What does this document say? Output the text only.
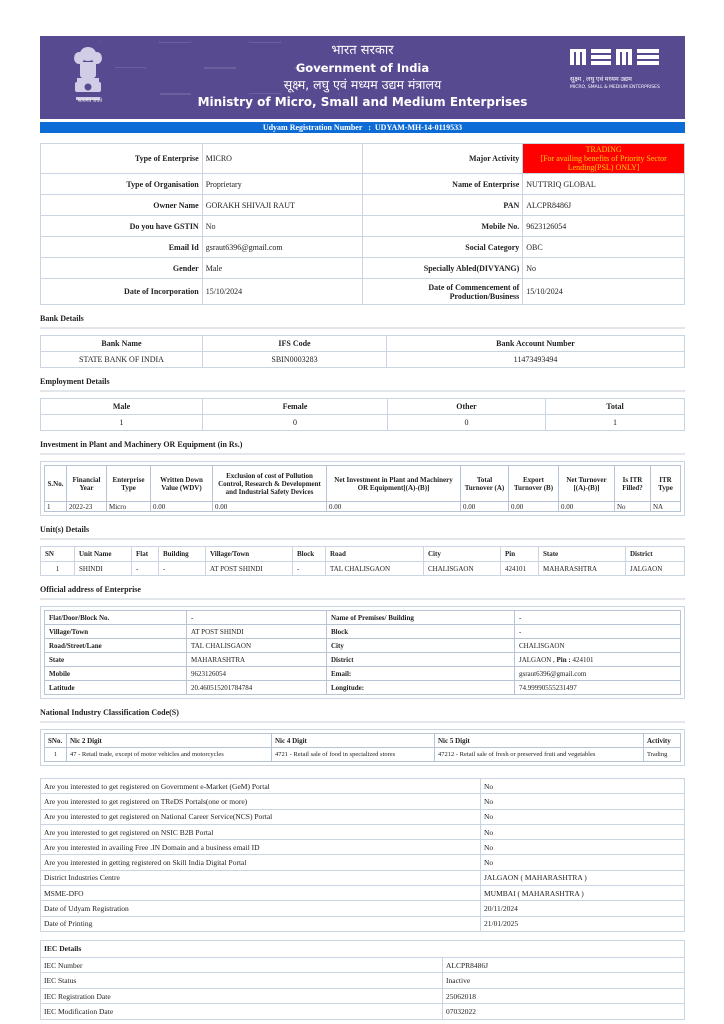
सत्यमेव जयते
भारत सरकार
Government of India
सूक्ष्म, लघु एवं मध्यम उद्यम मंत्रालय
Ministry of Micro, Small and Medium Enterprises
सूक्ष्म , लघु एवं मध्यम उद्यम
MICRO, SMALL & MEDIUM ENTERPRISES
Udyam Registration Number : UDYAM-MH-14-0119533
Type of Enterprise	MICRO	Major Activity	TRADING
[For availing benefits of Priority Sector Lending(PSL) ONLY]

Type of Organisation	Proprietary	Name of Enterprise	NUTTRIQ GLOBAL
Owner Name	GORAKH SHIVAJI RAUT	PAN	ALCPR8486J
Do you have GSTIN	No	Mobile No.	9623126054
Email Id	gsraut6396@gmail.com	Social Category	OBC
Gender	Male	Specially Abled(DIVYANG)	No
Date of Incorporation	15/10/2024	Date of Commencement of Production/Business	15/10/2024
Bank Details
Bank Name	IFS Code	Bank Account Number
STATE BANK OF INDIA	SBIN0003283	11473493494
Employment Details
Male	Female	Other	Total
1	0	0	1
Investment in Plant and Machinery OR Equipment (in Rs.)
S.No.	Financial Year	Enterprise Type	Written Down Value (WDV)	Exclusion of cost of Pollution Control, Research & Development and Industrial Safety Devices	Net Investment in Plant and Machinery OR Equipment[(A)-(B)]	Total Turnover (A)	Export Turnover (B)	Net Turnover [(A)-(B)]	Is ITR Filled?	ITR Type
1	2022-23	Micro	0.00	0.00	0.00	0.00	0.00	0.00	No	NA
Unit(s) Details
SN	Unit Name	Flat	Building	Village/Town	Block	Road	City	Pin	State	District
1	SHINDI	-	-	AT POST SHINDI	-	TAL CHALISGAON	CHALISGAON	424101	MAHARASHTRA	JALGAON
Official address of Enterprise
Flat/Door/Block No.	-	Name of Premises/ Building	-
Village/Town	AT POST SHINDI	Block	-
Road/Street/Lane	TAL CHALISGAON	City	CHALISGAON
State	MAHARASHTRA	District	JALGAON , Pin : 424101
Mobile	9623126054	Email:	gsraut6396@gmail.com
Latitude	20.460515201784784	Longitude:	74.99990555231497
National Industry Classification Code(S)
SNo.	Nic 2 Digit	Nic 4 Digit	Nic 5 Digit	Activity
1	47 - Retail trade, except of motor vehicles and motorcycles	4721 - Retail sale of food in specialized stores	47212 - Retail sale of fresh or preserved fruit and vegetables	Trading
Are you interested to get registered on Government e-Market (GeM) Portal	No
Are you interested to get registered on TReDS Portals(one or more)	No
Are you interested to get registered on National Career Service(NCS) Portal	No
Are you interested to get registered on NSIC B2B Portal	No
Are you interested in availing Free .IN Domain and a business email ID	No
Are you interested in getting registered on Skill India Digital Portal	No
District Industries Centre	JALGAON ( MAHARASHTRA )
MSME-DFO	MUMBAI ( MAHARASHTRA )
Date of Udyam Registration	20/11/2024
Date of Printing	21/01/2025
IEC Details	
IEC Number	ALCPR8486J
IEC Status	Inactive
IEC Registration Date	25062018
IEC Modification Date	07032022
